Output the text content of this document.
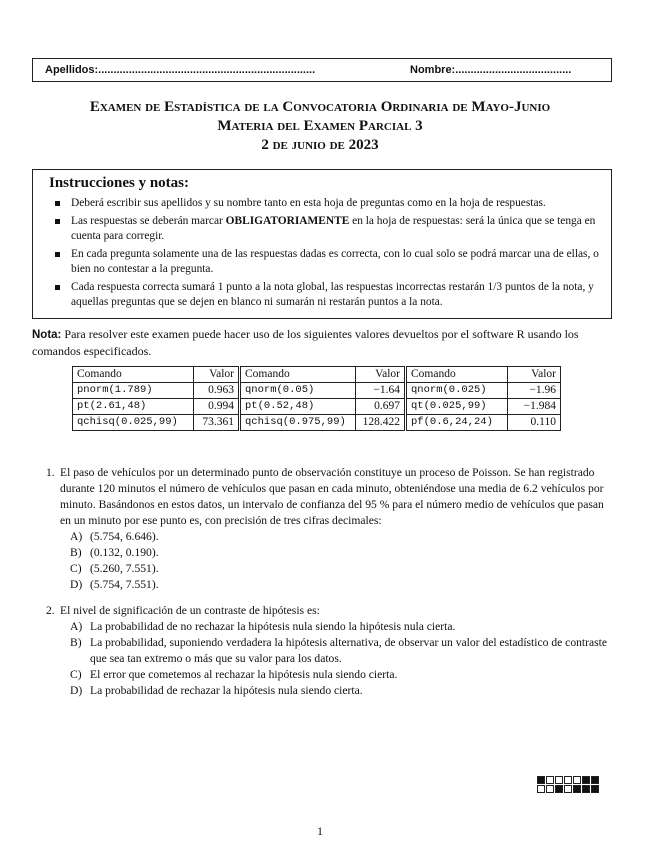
Apellidos:.......................................................................	Nombre:......................................
Examen de Estadística de la Convocatoria Ordinaria de Mayo-Junio
Materia del Examen Parcial 3
2 de junio de 2023
Instrucciones y notas:
Deberá escribir sus apellidos y su nombre tanto en esta hoja de preguntas como en la hoja de respuestas.
Las respuestas se deberán marcar OBLIGATORIAMENTE en la hoja de respuestas: será la única que se tenga en cuenta para corregir.
En cada pregunta solamente una de las respuestas dadas es correcta, con lo cual solo se podrá marcar una de ellas, o bien no contestar a la pregunta.
Cada respuesta correcta sumará 1 punto a la nota global, las respuestas incorrectas restarán 1/3 puntos de la nota, y aquellas preguntas que se dejen en blanco ni sumarán ni restarán puntos a la nota.
Nota: Para resolver este examen puede hacer uso de los siguientes valores devueltos por el software R usando los comandos especificados.
Comando	Valor	Comando	Valor	Comando	Valor
pnorm(1.789)	0.963	qnorm(0.05)	−1.64	qnorm(0.025)	−1.96
pt(2.61,48)	0.994	pt(0.52,48)	0.697	qt(0.025,99)	−1.984
qchisq(0.025,99)	73.361	qchisq(0.975,99)	128.422	pf(0.6,24,24)	0.110
1. El paso de vehículos por un determinado punto de observación constituye un proceso de Poisson. Se han registrado durante 120 minutos el número de vehículos que pasan en cada minuto, obteniéndose una media de 6.2 vehículos por minuto. Basándonos en estos datos, un intervalo de confianza del 95 % para el número medio de vehículos que pasan en un minuto por ese punto es, con precisión de tres cifras decimales:
A) (5.754, 6.646).
B) (0.132, 0.190).
C) (5.260, 7.551).
D) (5.754, 7.551).
2. El nivel de significación de un contraste de hipótesis es:
A) La probabilidad de no rechazar la hipótesis nula siendo la hipótesis nula cierta.
B) La probabilidad, suponiendo verdadera la hipótesis alternativa, de observar un valor del estadístico de contraste que sea tan extremo o más que su valor para los datos.
C) El error que cometemos al rechazar la hipótesis nula siendo cierta.
D) La probabilidad de rechazar la hipótesis nula siendo cierta.
1
